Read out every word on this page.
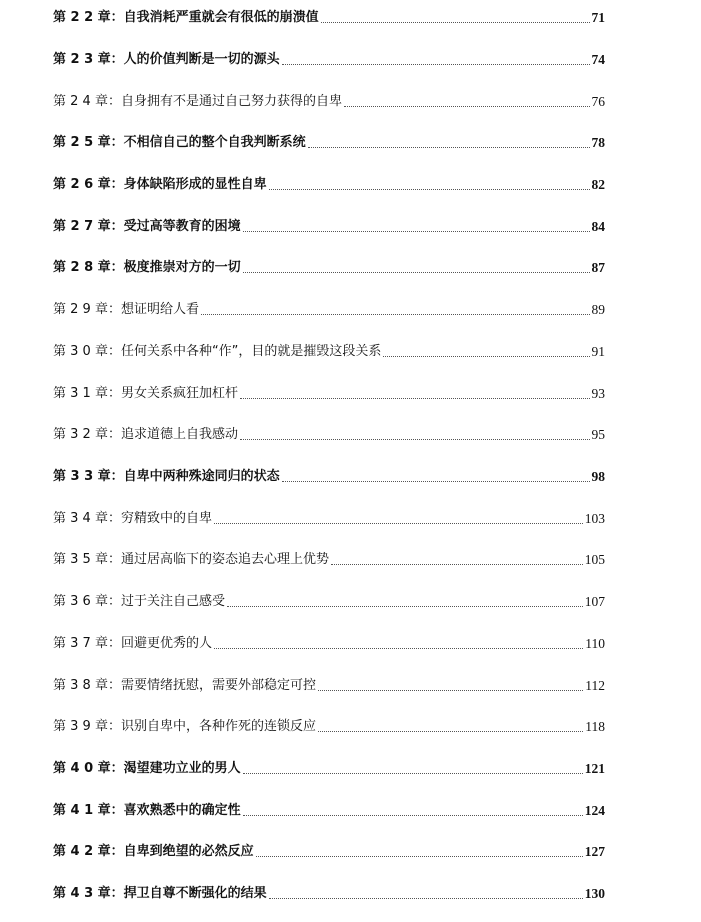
第 2 2 章：自我消耗严重就会有很低的崩溃值	71
第 2 3 章：人的价值判断是一切的源头	74
第 2 4 章：自身拥有不是通过自己努力获得的自卑	76
第 2 5 章：不相信自己的整个自我判断系统	78
第 2 6 章：身体缺陷形成的显性自卑	82
第 2 7 章：受过高等教育的困境	84
第 2 8 章：极度推崇对方的一切	87
第 2 9 章：想证明给人看	89
第 3 0 章：任何关系中各种“作”，目的就是摧毁这段关系	91
第 3 1 章：男女关系疯狂加杠杆	93
第 3 2 章：追求道德上自我感动	95
第 3 3 章：自卑中两种殊途同归的状态	98
第 3 4 章：穷精致中的自卑	103
第 3 5 章：通过居高临下的姿态追去心理上优势	105
第 3 6 章：过于关注自己感受	107
第 3 7 章：回避更优秀的人	110
第 3 8 章：需要情绪抚慰，需要外部稳定可控	112
第 3 9 章：识别自卑中，各种作死的连锁反应	118
第 4 0 章：渴望建功立业的男人	121
第 4 1 章：喜欢熟悉中的确定性	124
第 4 2 章：自卑到绝望的必然反应	127
第 4 3 章：捍卫自尊不断强化的结果	130
